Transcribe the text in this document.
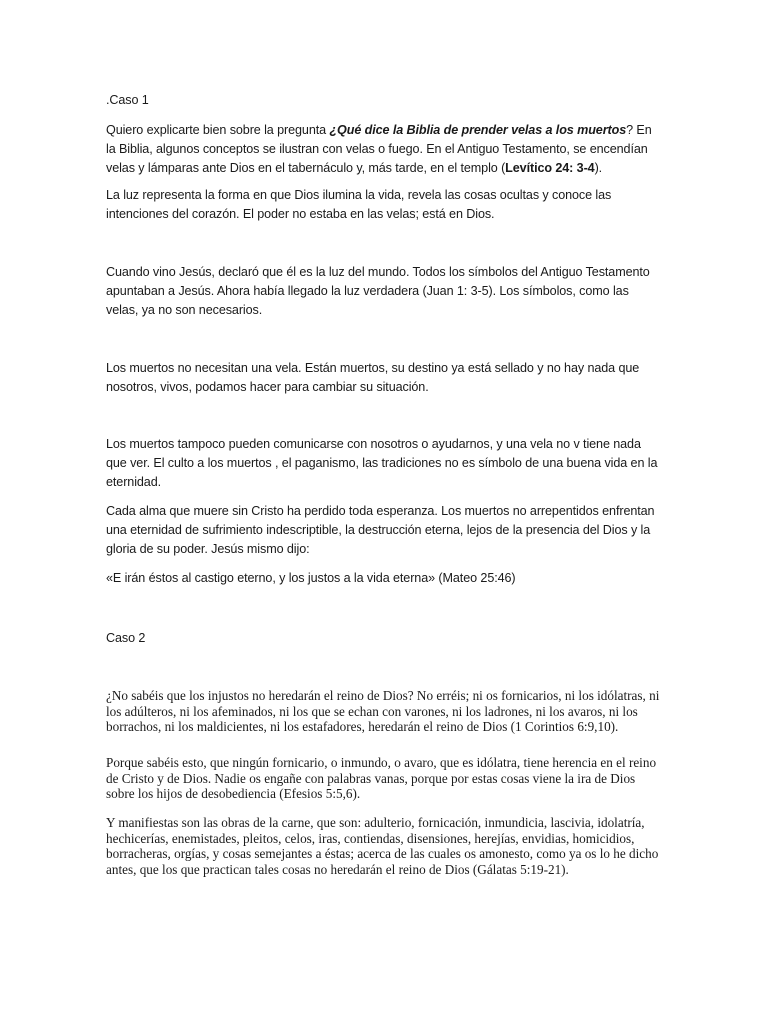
.Caso 1

Quiero explicarte bien sobre la pregunta ¿Qué dice la Biblia de prender velas a los muertos? En la Biblia, algunos conceptos se ilustran con velas o fuego. En el Antiguo Testamento, se encendían velas y lámparas ante Dios en el tabernáculo y, más tarde, en el templo (Levítico 24: 3-4).

La luz representa la forma en que Dios ilumina la vida, revela las cosas ocultas y conoce las intenciones del corazón. El poder no estaba en las velas; está en Dios.

Cuando vino Jesús, declaró que él es la luz del mundo. Todos los símbolos del Antiguo Testamento apuntaban a Jesús. Ahora había llegado la luz verdadera (Juan 1: 3-5). Los símbolos, como las velas, ya no son necesarios.

Los muertos no necesitan una vela. Están muertos, su destino ya está sellado y no hay nada que nosotros, vivos, podamos hacer para cambiar su situación.

Los muertos tampoco pueden comunicarse con nosotros o ayudarnos, y una vela no v tiene nada que ver. El culto a los muertos , el paganismo, las tradiciones no es símbolo de una buena vida en la eternidad.

Cada alma que muere sin Cristo ha perdido toda esperanza. Los muertos no arrepentidos enfrentan una eternidad de sufrimiento indescriptible, la destrucción eterna, lejos de la presencia del Dios y la gloria de su poder. Jesús mismo dijo:

«E irán éstos al castigo eterno, y los justos a la vida eterna» (Mateo 25:46)

Caso 2

¿No sabéis que los injustos no heredarán el reino de Dios? No erréis; ni os fornicarios, ni los idólatras, ni los adúlteros, ni los afeminados, ni los que se echan con varones, ni los ladrones, ni los avaros, ni los borrachos, ni los maldicientes, ni los estafadores, heredarán el reino de Dios (1 Corintios 6:9,10).

Porque sabéis esto, que ningún fornicario, o inmundo, o avaro, que es idólatra, tiene herencia en el reino de Cristo y de Dios. Nadie os engañe con palabras vanas, porque por estas cosas viene la ira de Dios sobre los hijos de desobediencia (Efesios 5:5,6).

Y manifiestas son las obras de la carne, que son: adulterio, fornicación, inmundicia, lascivia, idolatría, hechicerías, enemistades, pleitos, celos, iras, contiendas, disensiones, herejías, envidias, homicidios, borracheras, orgías, y cosas semejantes a éstas; acerca de las cuales os amonesto, como ya os lo he dicho antes, que los que practican tales cosas no heredarán el reino de Dios (Gálatas 5:19-21).
